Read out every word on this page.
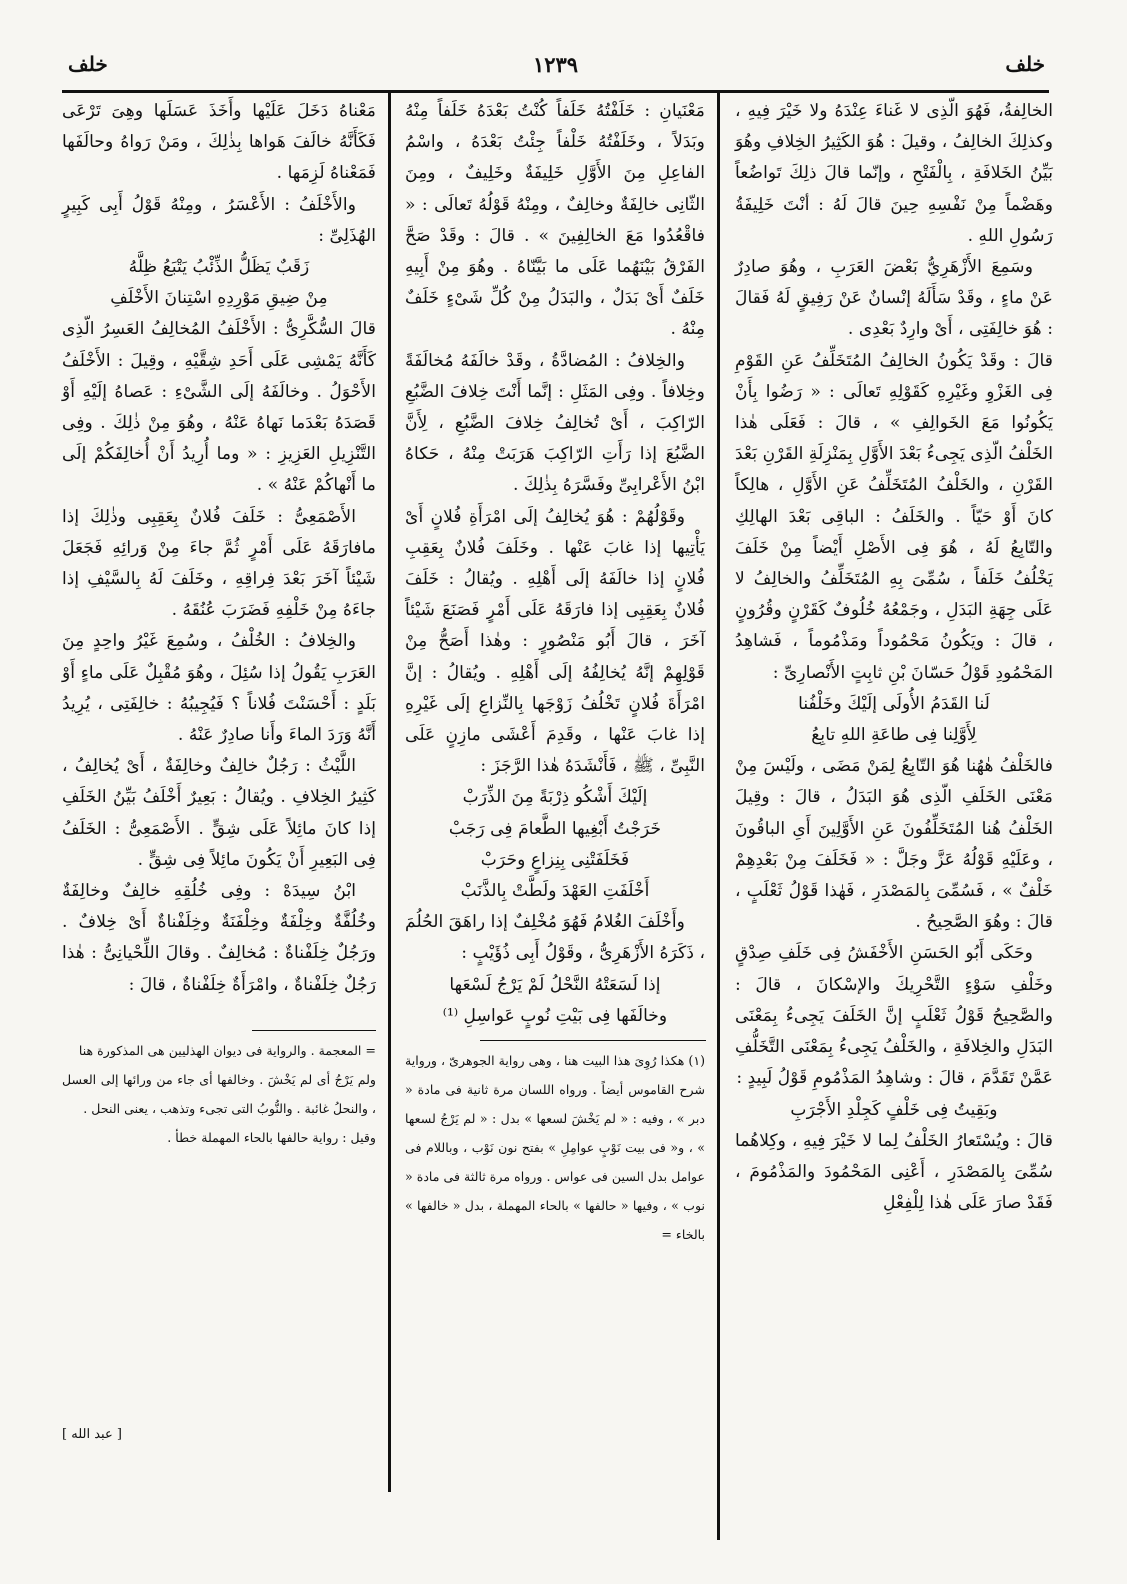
خلف
١٢٣٩
خلف

الخالِفةُ، فَهُوَ الّذِى لا غَناءَ عِنْدَهُ ولا خَيْرَ فِيهِ ، وكذلِكَ الخالِفُ ، وقيلَ : هُوَ الكَثِيرُ الخِلافِ وهُوَ بَيِّنُ الخَلافَةِ ، بِالْفَتْحِ ، وإنّما قالَ ذلِكَ تَواضُعاً وهَضْماً مِنْ نَفْسِهِ حِينَ قالَ لَهُ : أنْتَ خَلِيفَةُ رَسُولِ اللهِ .

وسَمِعَ الأَزْهَرِيُّ بَعْضَ العَرَبِ ، وهُوَ صادِرٌ عَنْ ماءٍ ، وقَدْ سَأَلَهُ إنْسانٌ عَنْ رَفِيقٍ لَهُ فَقالَ : هُوَ خالِفَتِى ، أَىْ وارِدٌ بَعْدِى .

قالَ : وقَدْ يَكُونُ الخالِفُ المُتَخَلِّفُ عَنِ القَوْمِ فِى الغَزْوِ وغَيْرِهِ كَقَوْلِهِ تَعالَى : « رَضُوا بِأَنْ يَكُونُوا مَعَ الخَوالِفِ » ، قالَ : فَعَلَى هٰذا الخَلْفُ الّذِى يَجِىءُ بَعْدَ الأَوَّلِ بِمَنْزِلَةِ القَرْنِ بَعْدَ القَرْنِ ، والخَلْفُ المُتَخَلِّفُ عَنِ الأَوَّلِ ، هالِكاً كانَ أَوْ حَيّاً . والخَلَفُ : الباقِى بَعْدَ الهالِكِ والتّابِعُ لَهُ ، هُوَ فِى الأَصْلِ أَيْضاً مِنْ خَلَفَ يَخْلُفُ خَلَفاً ، سُمِّىَ بِهِ المُتَخَلِّفُ والخالِفُ لا عَلَى جِهَةِ البَدَلِ ، وجَمْعُهُ خُلُوفٌ كَقَرْنٍ وقُرُونٍ ، قالَ : ويَكُونُ مَحْمُوداً ومَذْمُوماً ، فَشاهِدُ المَحْمُودِ قَوْلُ حَسّانَ بْنِ ثابِتٍ الأَنْصارِىِّ :

لَنا القَدَمُ الأُولَى إلَيْكَ وخَلْفُنا

لِأَوَّلِنا فِى طاعَةِ اللهِ تابِعُ

فالخَلْفُ هٰهُنا هُوَ التّابِعُ لِمَنْ مَضَى ، ولَيْسَ مِنْ مَعْنَى الخَلَفِ الّذِى هُوَ البَدَلُ ، قالَ : وقِيلَ الخَلْفُ هُنا المُتَخَلِّفُونَ عَنِ الأَوَّلِينَ أَىِ الباقُونَ ، وعَلَيْهِ قَوْلُهُ عَزَّ وجَلَّ : « فَخَلَفَ مِنْ بَعْدِهِمْ خَلْفٌ » ، فَسُمِّىَ بِالمَصْدَرِ ، فَهٰذا قَوْلُ ثَعْلَبٍ ، قالَ : وهُوَ الصَّحِيحُ .

وحَكَى أَبُو الحَسَنِ الأَخْفَشُ فِى خَلَفِ صِدْقٍ وخَلْفِ سَوْءٍ التَّحْرِيكَ والإسْكانَ ، قالَ : والصَّحِيحُ قَوْلُ ثَعْلَبٍ إنَّ الخَلَفَ يَجِىءُ بِمَعْنَى البَدَلِ والخِلافَةِ ، والخَلْفُ يَجِىءُ بِمَعْنَى التَّخَلُّفِ عَمَّنْ تَقَدَّمَ ، قالَ : وشاهِدُ المَذْمُومِ قَوْلُ لَبِيدٍ :

وبَقِيتُ فِى خَلْفٍ كَجِلْدِ الأَجْرَبِ

قالَ : ويُسْتَعارُ الخَلْفُ لِما لا خَيْرَ فِيهِ ، وكِلاهُما سُمِّىَ بِالمَصْدَرِ ، أَعْنِى المَحْمُودَ والمَذْمُومَ ، فَقَدْ صارَ عَلَى هٰذا لِلْفِعْلِ

مَعْنَيانِ : خَلَفْتُهُ خَلَفاً كُنْتُ بَعْدَهُ خَلَفاً مِنْهُ وبَدَلاً ، وخَلَفْتُهُ خَلْفاً جِئْتُ بَعْدَهُ ، واسْمُ الفاعِلِ مِنَ الأَوَّلِ خَلِيفَةٌ وخَلِيفٌ ، ومِنَ الثّانِى خالِفَةٌ وخالِفٌ ، ومِنْهُ قَوْلُهُ تَعالَى : « فاقْعُدُوا مَعَ الخالِفِينَ » . قالَ : وقَدْ صَحَّ الفَرْقُ بَيْنَهُما عَلَى ما بَيَّنّاهُ . وهُوَ مِنْ أَبِيهِ خَلَفٌ أَىْ بَدَلٌ ، والبَدَلُ مِنْ كُلِّ شَىْءٍ خَلَفٌ مِنْهُ .

والخِلافُ : المُضادَّةُ ، وقَدْ خالَفَهُ مُخالَفَةً وخِلافاً . وفِى المَثَلِ : إنَّما أَنْتَ خِلافَ الضَّبُعِ الرّاكِبَ ، أَىْ تُخالِفُ خِلافَ الضَّبُعِ ، لِأَنَّ الضَّبُعَ إذا رَأَتِ الرّاكِبَ هَرَبَتْ مِنْهُ ، حَكاهُ ابْنُ الأَعْرابِىِّ وفَسَّرَهُ بِذٰلِكَ .

وقَوْلُهُمْ : هُوَ يُخالِفُ إلَى امْرَأَةِ فُلانٍ أَىْ يَأْتِيها إذا غابَ عَنْها . وخَلَفَ فُلانٌ بِعَقِبِ فُلانٍ إذا خالَفَهُ إلَى أَهْلِهِ . ويُقالُ : خَلَفَ فُلانٌ بِعَقِبِى إذا فارَقَهُ عَلَى أَمْرٍ فَصَنَعَ شَيْئاً آخَرَ ، قالَ أَبُو مَنْصُورٍ : وهٰذا أَصَحُّ مِنْ قَوْلِهِمْ إنَّهُ يُخالِفُهُ إلَى أَهْلِهِ . ويُقالُ : إنَّ امْرَأَةَ فُلانٍ تَخْلُفُ زَوْجَها بِالنِّزاعِ إلَى غَيْرِهِ إذا غابَ عَنْها ، وقَدِمَ أَعْشَى مازِنٍ عَلَى النَّبِىِّ ، ﷺ ، فَأَنْشَدَهُ هٰذا الرَّجَزَ :

إلَيْكَ أَشْكُو ذِرْبَةً مِنَ الذِّرَبْ

خَرَجْتُ أَبْغِيها الطَّعامَ فِى رَجَبْ

فَخَلَفَتْنِى بِنِزاعٍ وحَرَبْ

أَخْلَفَتِ العَهْدَ ولَطَّتْ بِالذَّنَبْ

وأَخْلَفَ الغُلامُ فَهُوَ مُخْلِفٌ إذا راهَقَ الحُلُمَ ، ذَكَرَهُ الأَزْهَرِىُّ ، وقَوْلُ أَبِى ذُؤَيْبٍ :

إذا لَسَعَتْهُ النَّحْلُ لَمْ يَرْجُ لَسْعَها

وخالَفَها فِى بَيْتِ نُوبٍ عَواسِلِ ⁽¹⁾

مَعْناهُ دَخَلَ عَلَيْها وأَخَذَ عَسَلَها وهِىَ تَرْعَى فَكَأَنَّهُ خالَفَ هَواها بِذٰلِكَ ، ومَنْ رَواهُ وحالَفَها فَمَعْناهُ لَزِمَها .

والأَخْلَفُ : الأَعْسَرُ ، ومِنْهُ قَوْلُ أَبِى كَبِيرٍ الهُذَلِىِّ :

زَقَبٌ يَظَلُّ الذِّئْبُ يَتْبَعُ ظِلَّهُ

مِنْ ضِيقِ مَوْرِدِهِ اسْتِنانَ الأَخْلَفِ

قالَ السُّكَّرِىُّ : الأَخْلَفُ المُخالِفُ العَسِرُ الّذِى كَأَنَّهُ يَمْشِى عَلَى أَحَدِ شِقَّيْهِ ، وقِيلَ : الأَخْلَفُ الأَحْوَلُ . وخالَفَهُ إلَى الشَّىْءِ : عَصاهُ إلَيْهِ أَوْ قَصَدَهُ بَعْدَما نَهاهُ عَنْهُ ، وهُوَ مِنْ ذٰلِكَ . وفِى التَّنْزِيلِ العَزِيزِ : « وما أُرِيدُ أَنْ أُخالِفَكُمْ إلَى ما أَنْهاكُمْ عَنْهُ » .

الأَصْمَعِىُّ : خَلَفَ فُلانٌ بِعَقِبِى وذٰلِكَ إذا مافارَقَهُ عَلَى أَمْرٍ ثُمَّ جاءَ مِنْ وَرائِهِ فَجَعَلَ شَيْئاً آخَرَ بَعْدَ فِراقِهِ ، وخَلَفَ لَهُ بِالسَّيْفِ إذا جاءَهُ مِنْ خَلْفِهِ فَضَرَبَ عُنُقَهُ .

والخِلافُ : الخُلْفُ ، وسُمِعَ غَيْرُ واحِدٍ مِنَ العَرَبِ يَقُولُ إذا سُئِلَ ، وهُوَ مُقْبِلٌ عَلَى ماءٍ أَوْ بَلَدٍ : أَحْسَنْتَ فُلاناً ؟ فَيُجِيبُهُ : خالِفَتِى ، يُرِيدُ أَنَّهُ وَرَدَ الماءَ وأَنا صادِرٌ عَنْهُ .

اللَّيْثُ : رَجُلٌ خالِفٌ وخالِفَةٌ ، أَىْ يُخالِفُ ، كَثِيرُ الخِلافِ . ويُقالُ : بَعِيرٌ أَخْلَفُ بَيِّنُ الخَلَفِ إذا كانَ مائِلاً عَلَى شِقٍّ . الأَصْمَعِىُّ : الخَلَفُ فِى البَعِيرِ أَنْ يَكُونَ مائِلاً فِى شِقٍّ .

ابْنُ سِيدَهْ : وفِى خُلُقِهِ خالِفٌ وخالِفَةٌ وخُلُفَّةٌ وخِلْفَةٌ وخِلْفَنَةٌ وخِلَفْناةٌ أَىْ خِلافٌ . ورَجُلٌ خِلَفْناةٌ : مُخالِفٌ . وقالَ اللِّحْيانِىُّ : هٰذا رَجُلٌ خِلَفْناةٌ ، وامْرَأَةٌ خِلَفْناةٌ ، قالَ :

(١) هكذا رُوِىَ هذا البيت هنا ، وهى رواية الجوهرىّ ، ورواية شرح القاموس أيضاً . ورواه اللسان مرة ثانية فى مادة « دبر » ، وفيه : « لم يَخْشَ لسعها » بدل : « لم يَرْجُ لسعها » ، و« فى بيت نَوْبٍ عوامِلِ » بفتح نون نَوْب ، وباللام فى عوامل بدل السين فى عواس . ورواه مرة ثالثة فى مادة « نوب » ، وفيها « حالفها » بالحاء المهملة ، بدل « خالفها » بالخاء =

= المعجمة . والرواية فى ديوان الهذليين هى المذكورة هنا

ولم يَرْجُ أى لم يَخْشَ . وخالفها أى جاء من ورائها إلى العسل ، والنحلُ غائبة . والنُّوبُ التى تجىء وتذهب ، يعنى النحل .

وقيل : رواية حالفها بالحاء المهملة خطأ .

[ عبد الله ]
